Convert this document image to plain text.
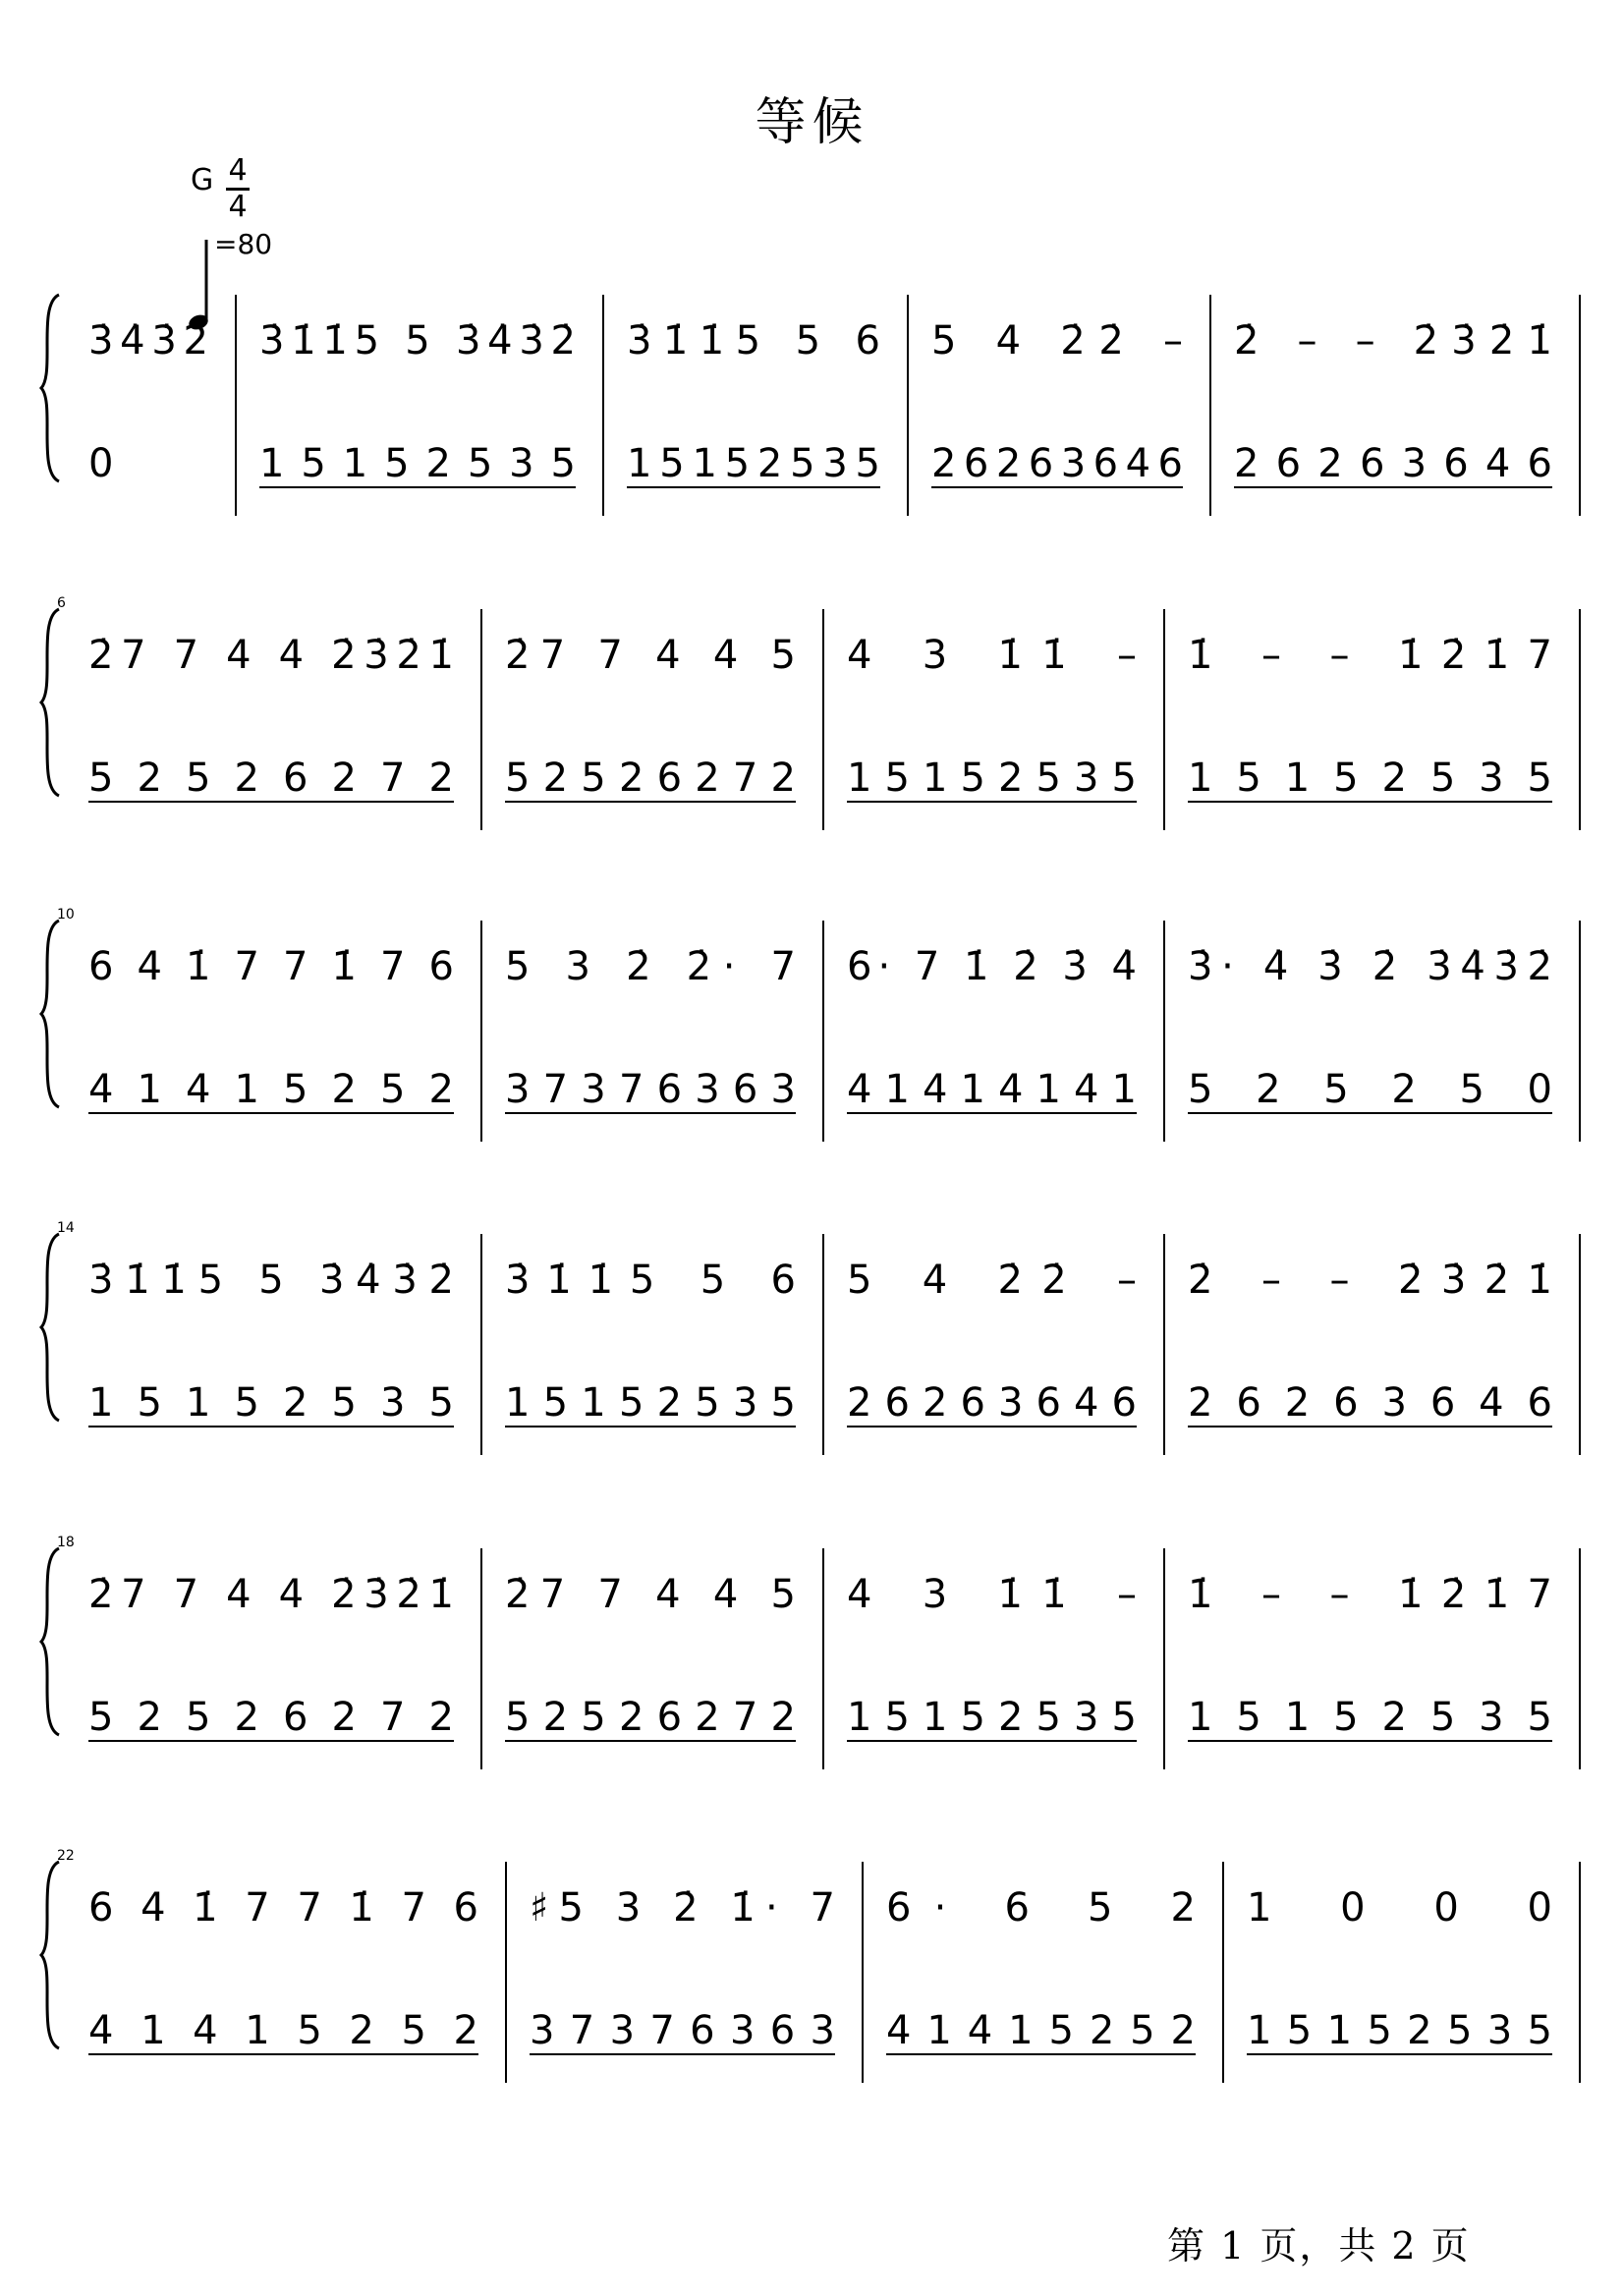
等候
G 4
4
=80
3̇4̇3̇2̇
0
3̇1̇1̇5 5 3̇4̇3̇2̇
1 5 1 5 2 5 3 5
3̇1̇1̇5 5 6
1 5 1 5 2 5 3 5
5 4 2̇2̇ –
2 6 2 6 3 6 4 6
2̇ – – 2̇3̇2̇1̇
2 6 2 6 3 6 4 6
6
2̇7 7 4 4 2̇3̇2̇1̇
5 2 5 2 6 2 7 2
2̇7 7 4 4 5
5 2 5 2 6 2 7 2
4 3 1̇1̇ –
1 5 1 5 2 5 3 5
1̇ – – 1̇2̇1̇7
1 5 1 5 2 5 3 5
10
6 4 1̇ 7 7 1̇ 7 6
4 1 4 1 5 2 5 2
5 3 2̇ 2̇· 7
3 7 3 7 6 3 6 3
6· 7 1̇ 2̇ 3̇ 4̇
4 1 4 1 4 1 4 1
3̇· 4̇ 3̇ 2̇ 3̇4̇3̇2̇
5 2 5 2 5 0
14
3̇1̇1̇5 5 3̇4̇3̇2̇
1 5 1 5 2 5 3 5
3̇1̇1̇5 5 6
1 5 1 5 2 5 3 5
5 4 2̇2̇ –
2 6 2 6 3 6 4 6
2̇ – – 2̇3̇2̇1̇
2 6 2 6 3 6 4 6
18
2̇7 7 4 4 2̇3̇2̇1̇
5 2 5 2 6 2 7 2
2̇7 7 4 4 5
5 2 5 2 6 2 7 2
4 3 1̇1̇ –
1 5 1 5 2 5 3 5
1̇ – – 1̇2̇1̇7
1 5 1 5 2 5 3 5
22
6 4 1̇ 7 7 1̇ 7 6
4 1 4 1 5 2 5 2
♯5 3 2̇ 1̇· 7
3 7 3 7 6 3 6 3
6· 6 5 2
4 1 4 1 5 2 5 2
1 0 0 0
1 5 1 5 2 5 3 5
第 1 页，共 2 页
